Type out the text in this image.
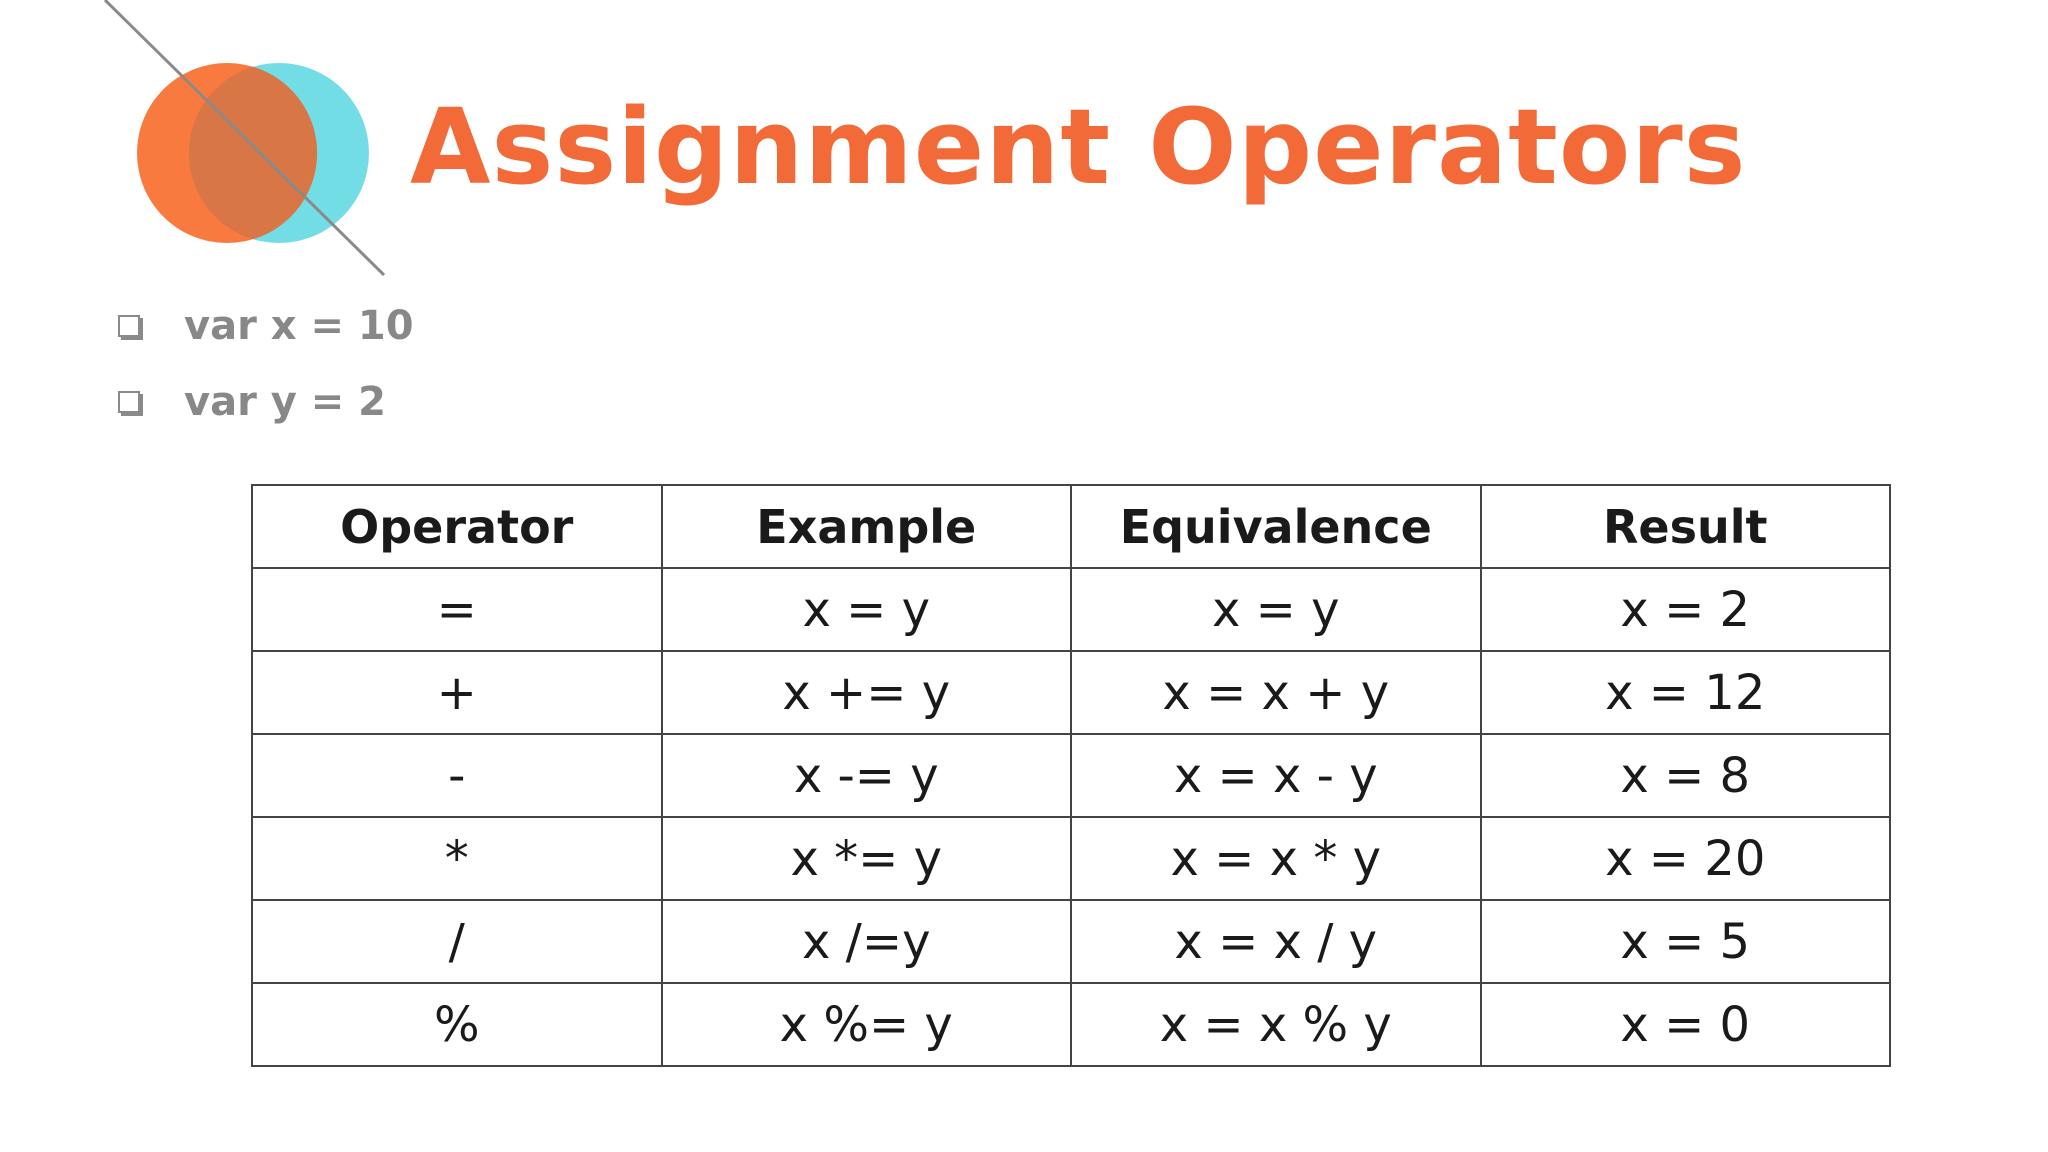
Assignment Operators
var x = 10
var y = 2
Operator	Example	Equivalence	Result
=	x = y	x = y	x = 2
+	x += y	x = x + y	x = 12
-	x -= y	x = x - y	x = 8
*	x *= y	x = x * y	x = 20
/	x /=y	x = x / y	x = 5
%	x %= y	x = x % y	x = 0
